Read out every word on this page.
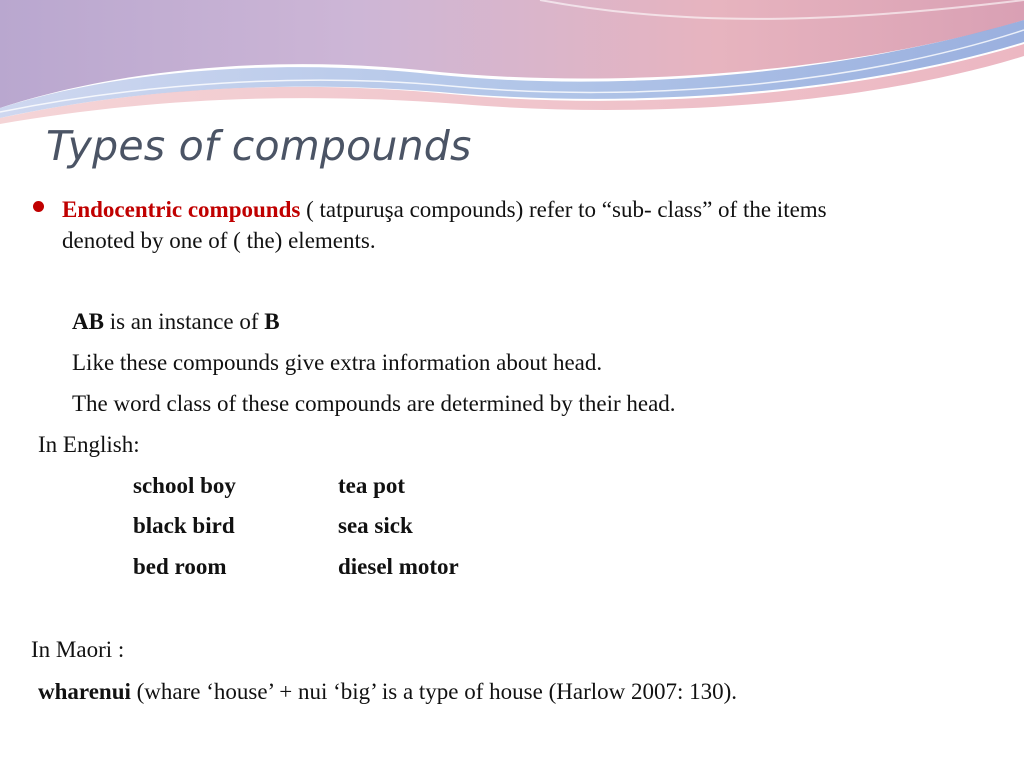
Types of compounds
Endocentric compounds ( tatpuruşa compounds) refer to “sub- class” of the items
denoted by one of ( the) elements.
AB is an instance of B
Like these compounds give extra information about head.
The word class of these compounds are determined by their head.
In English:
school boy	tea pot
black bird	sea sick
bed room	diesel motor
In Maori :
wharenui (whare ‘house’ + nui ‘big’ is a type of house (Harlow 2007: 130).
